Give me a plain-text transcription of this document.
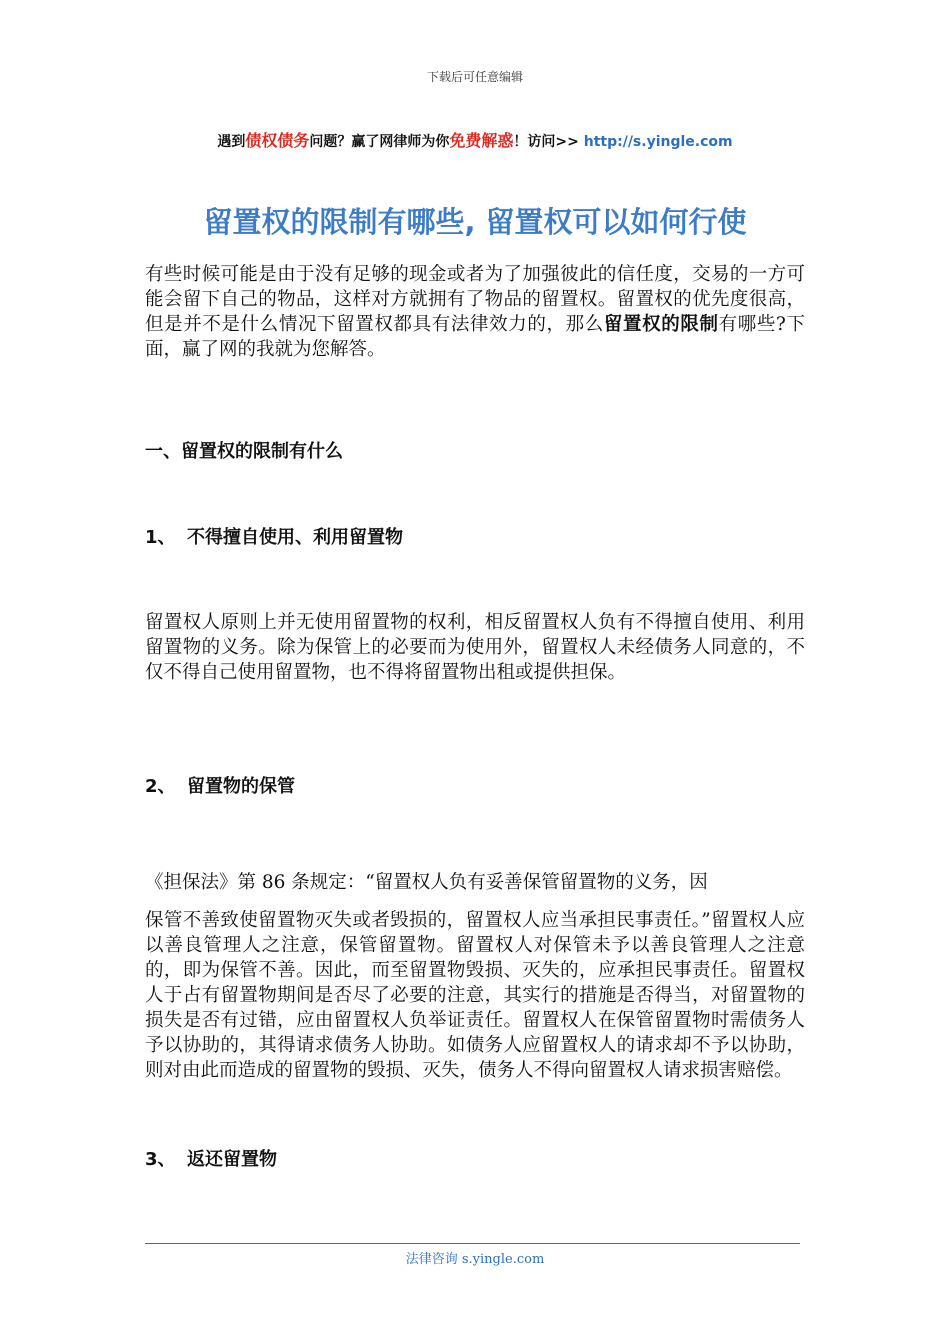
下载后可任意编辑
遇到债权债务问题？赢了网律师为你免费解惑！访问>> http://s.yingle.com
留置权的限制有哪些, 留置权可以如何行使

有些时候可能是由于没有足够的现金或者为了加强彼此的信任度，交易的一方可能会留下自己的物品，这样对方就拥有了物品的留置权。留置权的优先度很高，但是并不是什么情况下留置权都具有法律效力的，那么留置权的限制有哪些?下面，赢了网的我就为您解答。

一、留置权的限制有什么
1、 不得擅自使用、利用留置物

留置权人原则上并无使用留置物的权利，相反留置权人负有不得擅自使用、利用留置物的义务。除为保管上的必要而为使用外，留置权人未经债务人同意的，不仅不得自己使用留置物，也不得将留置物出租或提供担保。

2、 留置物的保管

《担保法》第 86 条规定：“留置权人负有妥善保管留置物的义务，因

保管不善致使留置物灭失或者毁损的，留置权人应当承担民事责任。”留置权人应以善良管理人之注意，保管留置物。留置权人对保管未予以善良管理人之注意的，即为保管不善。因此，而至留置物毁损、灭失的，应承担民事责任。留置权人于占有留置物期间是否尽了必要的注意，其实行的措施是否得当，对留置物的损失是否有过错，应由留置权人负举证责任。留置权人在保管留置物时需债务人予以协助的，其得请求债务人协助。如债务人应留置权人的请求却不予以协助，则对由此而造成的留置物的毁损、灭失，债务人不得向留置权人请求损害赔偿。

3、 返还留置物
法律咨询 s.yingle.com
